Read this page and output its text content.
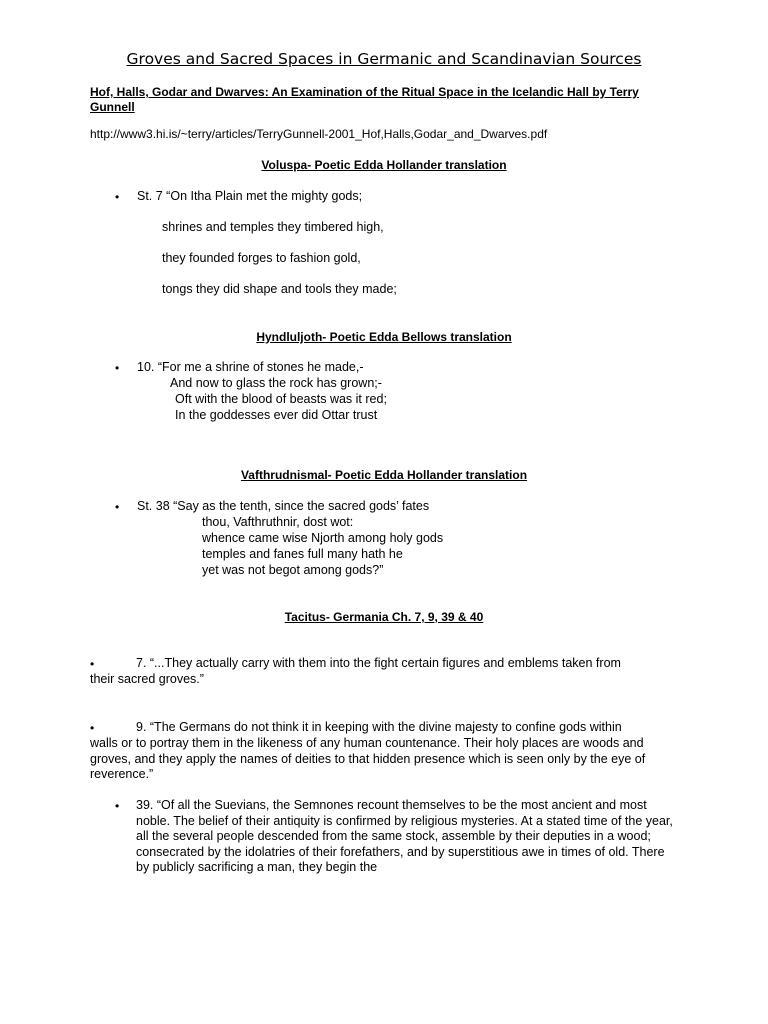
Groves and Sacred Spaces in Germanic and Scandinavian Sources
Hof, Halls, Godar and Dwarves: An Examination of the Ritual Space in the Icelandic Hall by Terry
Gunnell
http://www3.hi.is/~terry/articles/TerryGunnell-2001_Hof,Halls,Godar_and_Dwarves.pdf
Voluspa- Poetic Edda Hollander translation
• St. 7 “On Itha Plain met the mighty gods;
shrines and temples they timbered high,
they founded forges to fashion gold,
tongs they did shape and tools they made;
Hyndluljoth- Poetic Edda Bellows translation
• 10. “For me a shrine of stones he made,-
And now to glass the rock has grown;-
Oft with the blood of beasts was it red;
In the goddesses ever did Ottar trust
Vafthrudnismal- Poetic Edda Hollander translation
• St. 38 “Say as the tenth, since the sacred gods’ fates
thou, Vafthruthnir, dost wot:
whence came wise Njorth among holy gods
temples and fanes full many hath he
yet was not begot among gods?”
Tacitus- Germania Ch. 7, 9, 39 & 40
•	7. “...They actually carry with them into the fight certain figures and emblems taken from
their sacred groves.”
•	9. “The Germans do not think it in keeping with the divine majesty to confine gods within
walls or to portray them in the likeness of any human countenance. Their holy places are woods and groves, and they apply the names of deities to that hidden presence which is seen only by the eye of reverence.”
• 39. “Of all the Suevians, the Semnones recount themselves to be the most ancient and most noble. The belief of their antiquity is confirmed by religious mysteries. At a stated time of the year, all the several people descended from the same stock, assemble by their deputies in a wood; consecrated by the idolatries of their forefathers, and by superstitious awe in times of old. There by publicly sacrificing a man, they begin the
